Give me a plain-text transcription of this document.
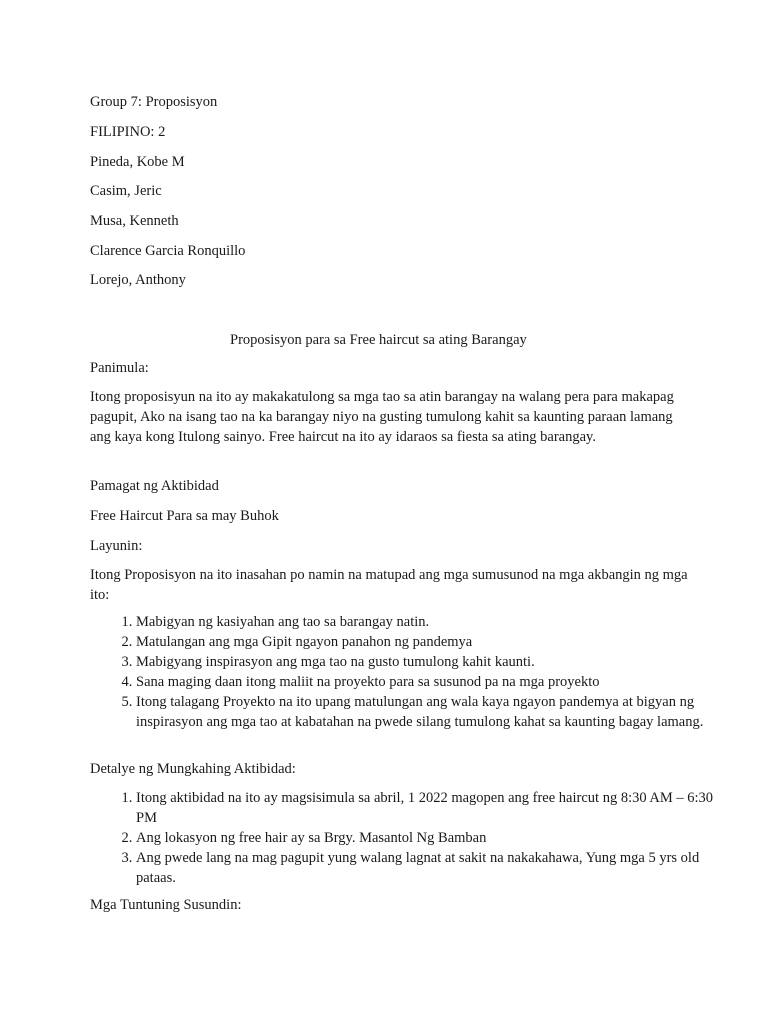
Group 7: Proposisyon
FILIPINO: 2
Pineda, Kobe M
Casim, Jeric
Musa, Kenneth
Clarence Garcia Ronquillo
Lorejo, Anthony
Proposisyon para sa Free haircut sa ating Barangay
Panimula:
Itong proposisyun na ito ay makakatulong sa mga tao sa atin barangay na walang pera para makapag pagupit, Ako na isang tao na ka barangay niyo na gusting tumulong kahit sa kaunting paraan lamang ang kaya kong Itulong sainyo. Free haircut na ito ay idaraos sa fiesta sa ating barangay.
Pamagat ng Aktibidad
Free Haircut Para sa may Buhok
Layunin:
Itong Proposisyon na ito inasahan po namin na matupad ang mga sumusunod na mga akbangin ng mga ito:
1. Mabigyan ng kasiyahan ang tao sa barangay natin.
2. Matulangan ang mga Gipit ngayon panahon ng pandemya
3. Mabigyang inspirasyon ang mga tao na gusto tumulong kahit kaunti.
4. Sana maging daan itong maliit na proyekto para sa susunod pa na mga proyekto
5. Itong talagang Proyekto na ito upang matulungan ang wala kaya ngayon pandemya at bigyan ng inspirasyon ang mga tao at kabatahan na pwede silang tumulong kahat sa kaunting bagay lamang.
Detalye ng Mungkahing Aktibidad:
1. Itong aktibidad na ito ay magsisimula sa abril, 1 2022 magopen ang free haircut ng 8:30 AM – 6:30 PM
2. Ang lokasyon ng free hair ay sa Brgy. Masantol Ng Bamban
3. Ang pwede lang na mag pagupit yung walang lagnat at sakit na nakakahawa, Yung mga 5 yrs old pataas.
Mga Tuntuning Susundin:
